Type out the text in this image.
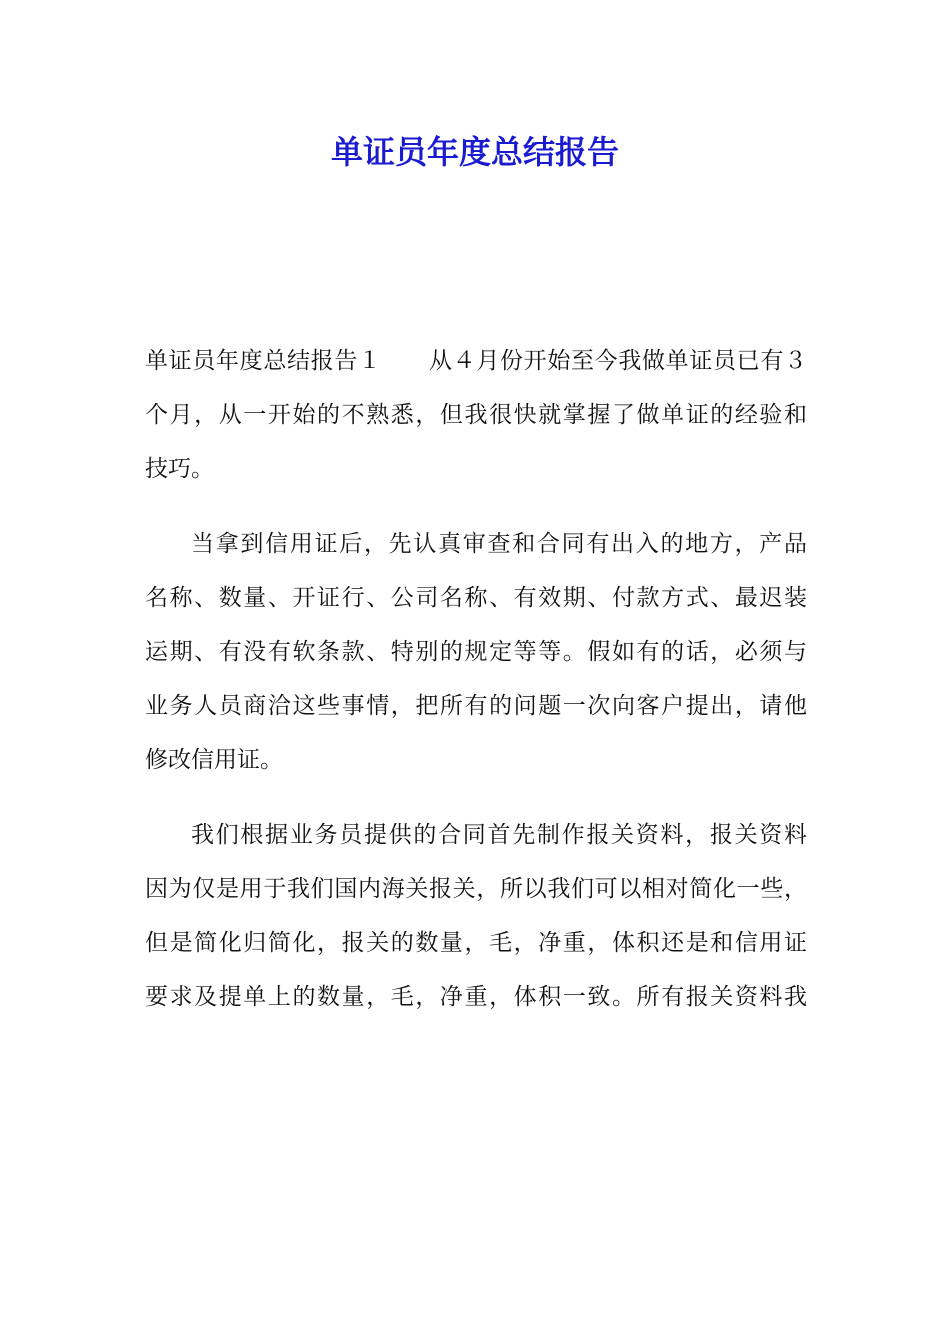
单证员年度总结报告
单证员年度总结报告１　　从４月份开始至今我做单证员已有３
个月，从一开始的不熟悉，但我很快就掌握了做单证的经验和
技巧。
当拿到信用证后，先认真审查和合同有出入的地方，产品
名称、数量、开证行、公司名称、有效期、付款方式、最迟装
运期、有没有软条款、特别的规定等等。假如有的话，必须与
业务人员商洽这些事情，把所有的问题一次向客户提出，请他
修改信用证。
我们根据业务员提供的合同首先制作报关资料，报关资料
因为仅是用于我们国内海关报关，所以我们可以相对简化一些，
但是简化归简化，报关的数量，毛，净重，体积还是和信用证
要求及提单上的数量，毛，净重，体积一致。所有报关资料我
